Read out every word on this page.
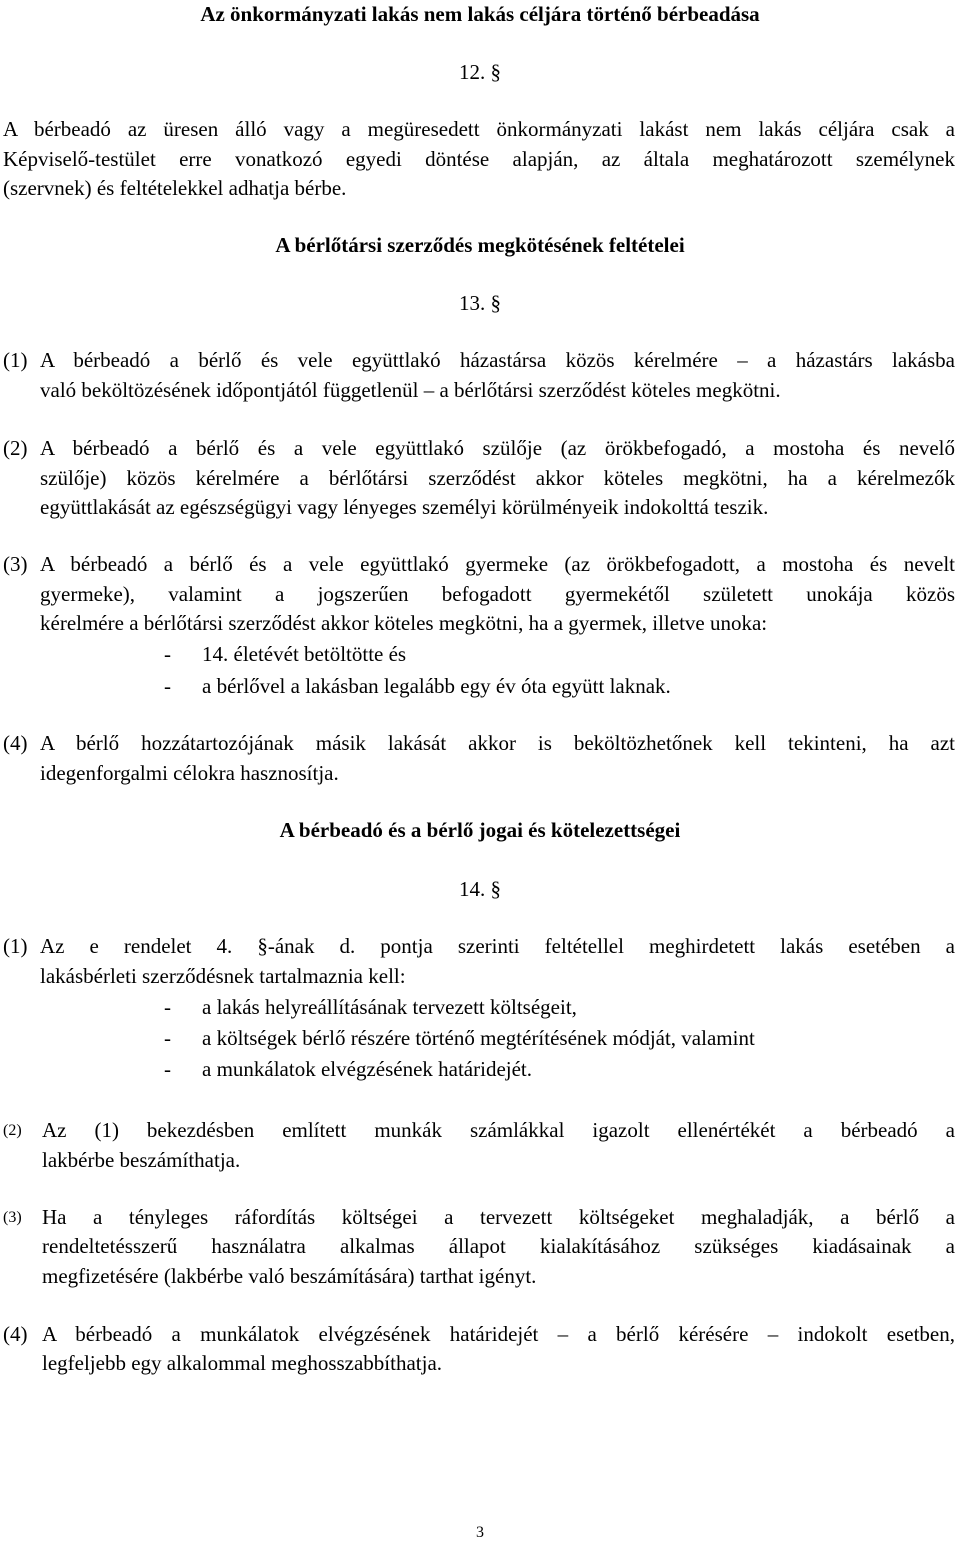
Az önkormányzati lakás nem lakás céljára történő bérbeadása
12. §
A bérbeadó az üresen álló vagy a megüresedett önkormányzati lakást nem lakás céljára csak a
Képviselő-testület erre vonatkozó egyedi döntése alapján, az általa meghatározott személynek
(szervnek) és feltételekkel adhatja bérbe.
A bérlőtársi szerződés megkötésének feltételei
13. §
(1) A bérbeadó a bérlő és vele együttlakó házastársa közös kérelmére – a házastárs lakásba
való beköltözésének időpontjától függetlenül – a bérlőtársi szerződést köteles megkötni.
(2) A bérbeadó a bérlő és a vele együttlakó szülője (az örökbefogadó, a mostoha és nevelő
szülője) közös kérelmére a bérlőtársi szerződést akkor köteles megkötni, ha a kérelmezők
együttlakását az egészségügyi vagy lényeges személyi körülményeik indokolttá teszik.
(3) A bérbeadó a bérlő és a vele együttlakó gyermeke (az örökbefogadott, a mostoha és nevelt
gyermeke), valamint a jogszerűen befogadott gyermekétől született unokája közös
kérelmére a bérlőtársi szerződést akkor köteles megkötni, ha a gyermek, illetve unoka:
- 14. életévét betöltötte és
- a bérlővel a lakásban legalább egy év óta együtt laknak.
(4) A bérlő hozzátartozójának másik lakását akkor is beköltözhetőnek kell tekinteni, ha azt
idegenforgalmi célokra hasznosítja.
A bérbeadó és a bérlő jogai és kötelezettségei
14. §
(1) Az e rendelet 4. §-ának d. pontja szerinti feltétellel meghirdetett lakás esetében a
lakásbérleti szerződésnek tartalmaznia kell:
- a lakás helyreállításának tervezett költségeit,
- a költségek bérlő részére történő megtérítésének módját, valamint
- a munkálatok elvégzésének határidejét.
(2) Az (1) bekezdésben említett munkák számlákkal igazolt ellenértékét a bérbeadó a
lakbérbe beszámíthatja.
(3) Ha a tényleges ráfordítás költségei a tervezett költségeket meghaladják, a bérlő a
rendeltetésszerű használatra alkalmas állapot kialakításához szükséges kiadásainak a
megfizetésére (lakbérbe való beszámítására) tarthat igényt.
(4) A bérbeadó a munkálatok elvégzésének határidejét – a bérlő kérésére – indokolt esetben,
legfeljebb egy alkalommal meghosszabbíthatja.
3
